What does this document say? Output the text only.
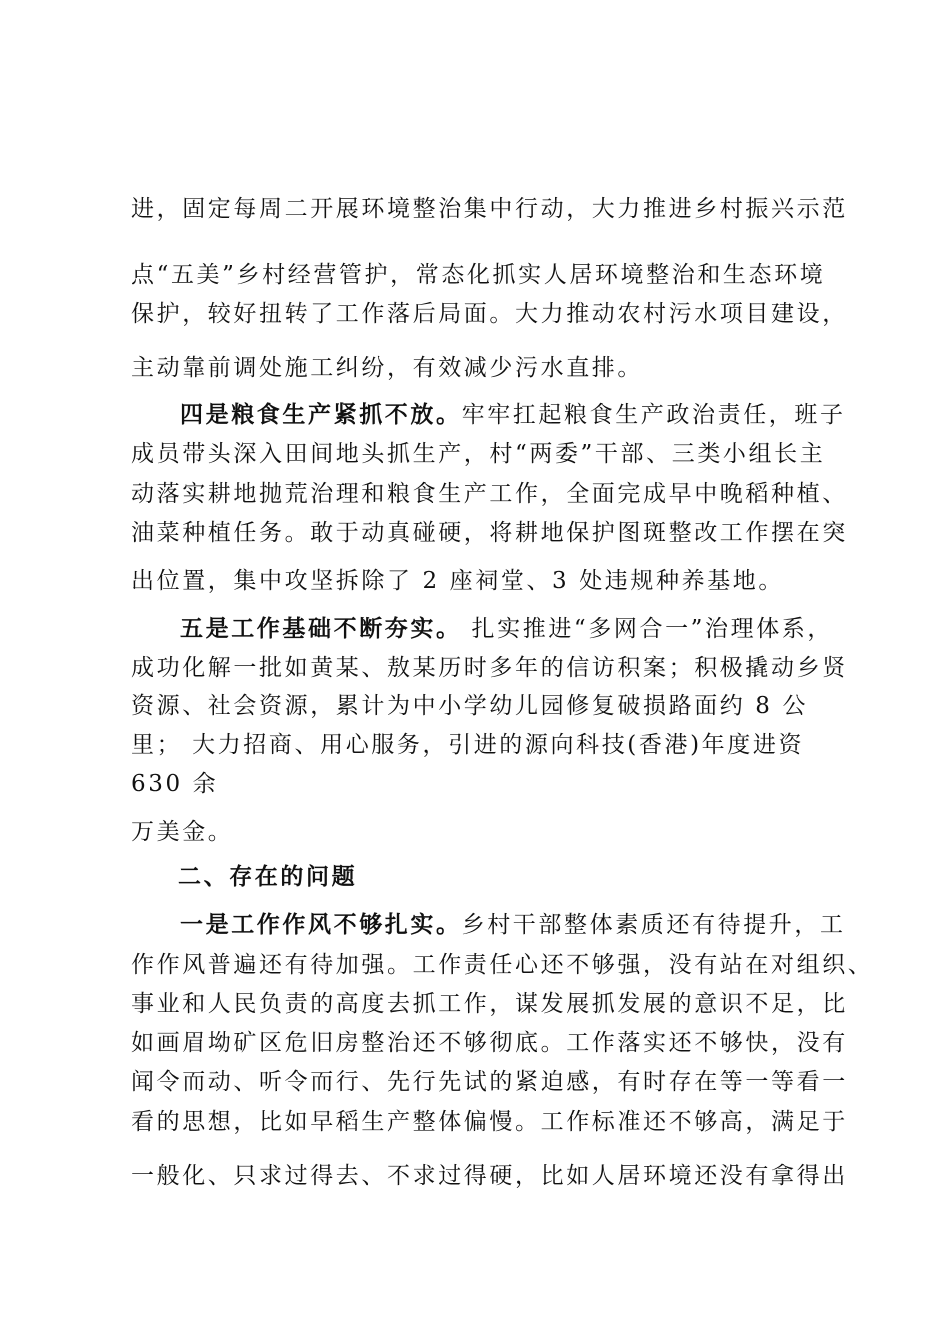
进，固定每周二开展环境整治集中行动，大力推进乡村振兴示范
点“五美”乡村经营管护，常态化抓实人居环境整治和生态环境
保护，较好扭转了工作落后局面。大力推动农村污水项目建设，
主动靠前调处施工纠纷，有效减少污水直排。
四是粮食生产紧抓不放。牢牢扛起粮食生产政治责任，班子
成员带头深入田间地头抓生产，村“两委”干部、三类小组长主
动落实耕地抛荒治理和粮食生产工作，全面完成早中晚稻种植、
油菜种植任务。敢于动真碰硬，将耕地保护图斑整改工作摆在突
出位置，集中攻坚拆除了 2 座祠堂、3 处违规种养基地。
五是工作基础不断夯实。 扎实推进“多网合一”治理体系，
成功化解一批如黄某、敖某历时多年的信访积案；积极撬动乡贤
资源、社会资源，累计为中小学幼儿园修复破损路面约 8 公
里； 大力招商、用心服务，引进的源向科技(香港)年度进资
630 余
万美金。
二、存在的问题
一是工作作风不够扎实。乡村干部整体素质还有待提升，工
作作风普遍还有待加强。工作责任心还不够强，没有站在对组织、
事业和人民负责的高度去抓工作，谋发展抓发展的意识不足，比
如画眉坳矿区危旧房整治还不够彻底。工作落实还不够快，没有
闻令而动、听令而行、先行先试的紧迫感，有时存在等一等看一
看的思想，比如早稻生产整体偏慢。工作标准还不够高，满足于
一般化、只求过得去、不求过得硬，比如人居环境还没有拿得出
